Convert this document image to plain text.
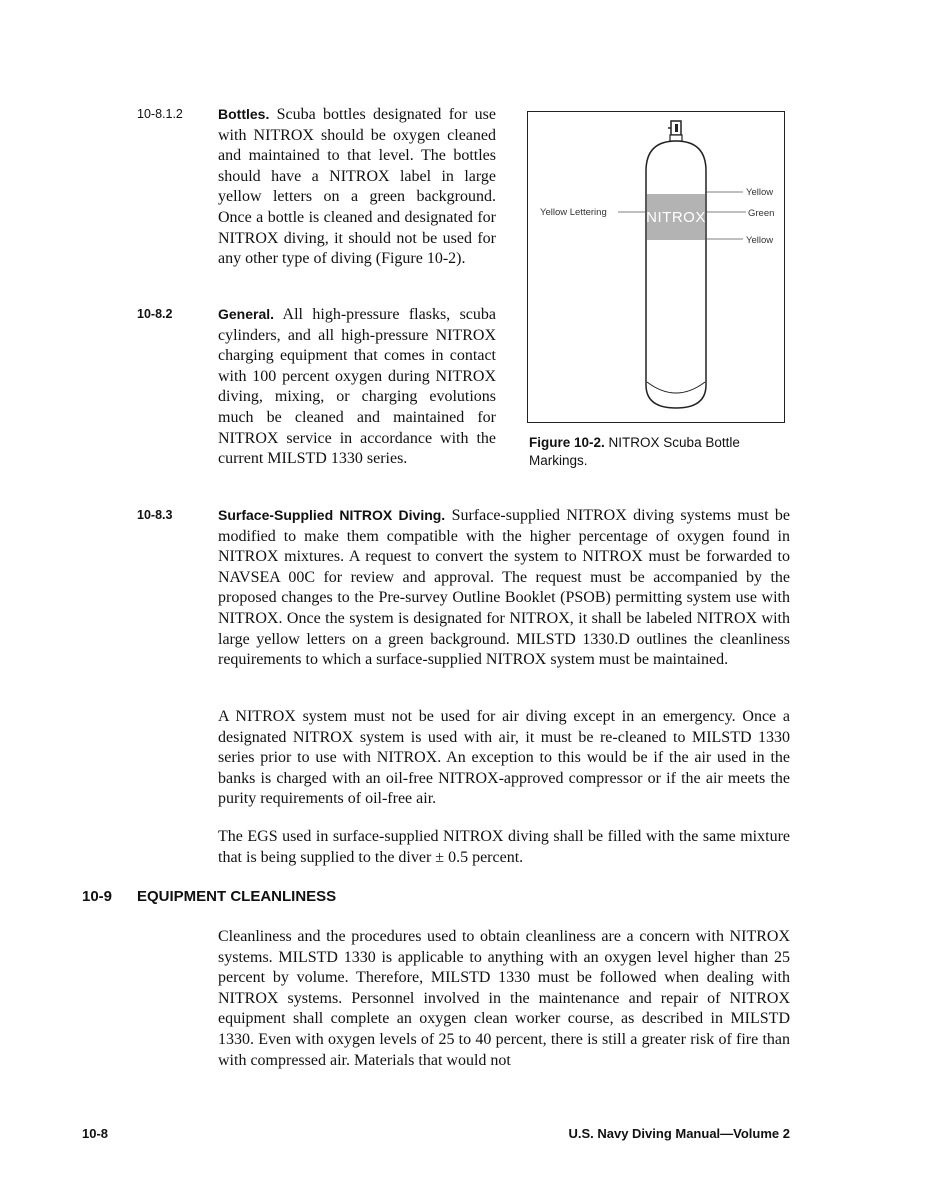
10-8.1.2	Bottles. Scuba bottles designated for use with NITROX should be oxygen cleaned and maintained to that level. The bottles should have a NITROX label in large yellow letters on a green background. Once a bottle is cleaned and designated for NITROX diving, it should not be used for any other type of diving (Figure 10-2).

10-8.2	General. All high-pressure flasks, scuba cylinders, and all high-pressure NITROX charging equipment that comes in contact with 100 percent oxygen during NITROX diving, mixing, or charging evolutions much be cleaned and maintained for NITROX service in accordance with the current MILSTD 1330 series.

NITROX
Yellow Lettering
Yellow
Green
Yellow
Figure 10-2. NITROX Scuba Bottle Markings.
10-8.3	Surface-Supplied NITROX Diving. Surface-supplied NITROX diving systems must be modified to make them compatible with the higher percentage of oxygen found in NITROX mixtures. A request to convert the system to NITROX must be forwarded to NAVSEA 00C for review and approval. The request must be accompanied by the proposed changes to the Pre-survey Outline Booklet (PSOB) permitting system use with NITROX. Once the system is designated for NITROX, it shall be labeled NITROX with large yellow letters on a green background. MILSTD 1330.D outlines the cleanliness requirements to which a surface-supplied NITROX system must be maintained.

A NITROX system must not be used for air diving except in an emergency. Once a designated NITROX system is used with air, it must be re-cleaned to MILSTD 1330 series prior to use with NITROX. An exception to this would be if the air used in the banks is charged with an oil-free NITROX-approved compressor or if the air meets the purity requirements of oil-free air.

The EGS used in surface-supplied NITROX diving shall be filled with the same mixture that is being supplied to the diver ± 0.5 percent.

10-9 EQUIPMENT CLEANLINESS

Cleanliness and the procedures used to obtain cleanliness are a concern with NITROX systems. MILSTD 1330 is applicable to anything with an oxygen level higher than 25 percent by volume. Therefore, MILSTD 1330 must be followed when dealing with NITROX systems. Personnel involved in the maintenance and repair of NITROX equipment shall complete an oxygen clean worker course, as described in MILSTD 1330. Even with oxygen levels of 25 to 40 percent, there is still a greater risk of fire than with compressed air. Materials that would not

10-8	U.S. Navy Diving Manual—Volume 2
